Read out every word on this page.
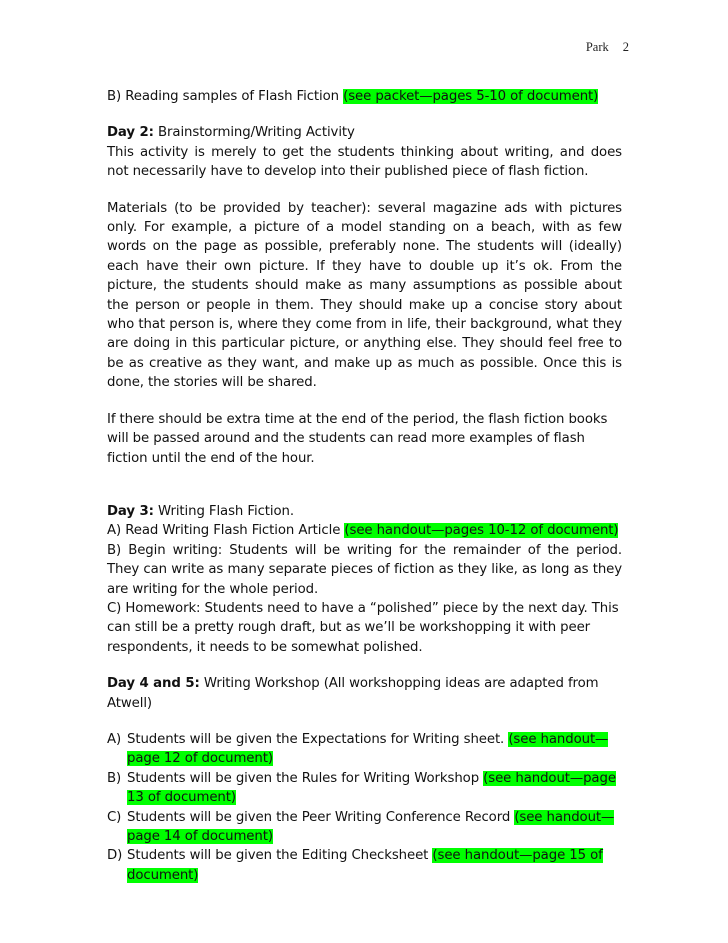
Park 2

B) Reading samples of Flash Fiction (see packet—pages 5-10 of document)

Day 2: Brainstorming/Writing Activity

This activity is merely to get the students thinking about writing, and does not necessarily have to develop into their published piece of flash fiction.

Materials (to be provided by teacher): several magazine ads with pictures only. For example, a picture of a model standing on a beach, with as few words on the page as possible, preferably none. The students will (ideally) each have their own picture. If they have to double up it’s ok. From the picture, the students should make as many assumptions as possible about the person or people in them. They should make up a concise story about who that person is, where they come from in life, their background, what they are doing in this particular picture, or anything else. They should feel free to be as creative as they want, and make up as much as possible. Once this is done, the stories will be shared.

If there should be extra time at the end of the period, the flash fiction books will be passed around and the students can read more examples of flash fiction until the end of the hour.

Day 3: Writing Flash Fiction.

A) Read Writing Flash Fiction Article (see handout—pages 10-12 of document)

B) Begin writing: Students will be writing for the remainder of the period. They can write as many separate pieces of fiction as they like, as long as they are writing for the whole period.

C) Homework: Students need to have a “polished” piece by the next day. This can still be a pretty rough draft, but as we’ll be workshopping it with peer respondents, it needs to be somewhat polished.

Day 4 and 5: Writing Workshop (All workshopping ideas are adapted from Atwell)

A) Students will be given the Expectations for Writing sheet. (see handout—page 12 of document)
B) Students will be given the Rules for Writing Workshop (see handout—page 13 of document)
C) Students will be given the Peer Writing Conference Record (see handout—page 14 of document)
D) Students will be given the Editing Checksheet (see handout—page 15 of document)
